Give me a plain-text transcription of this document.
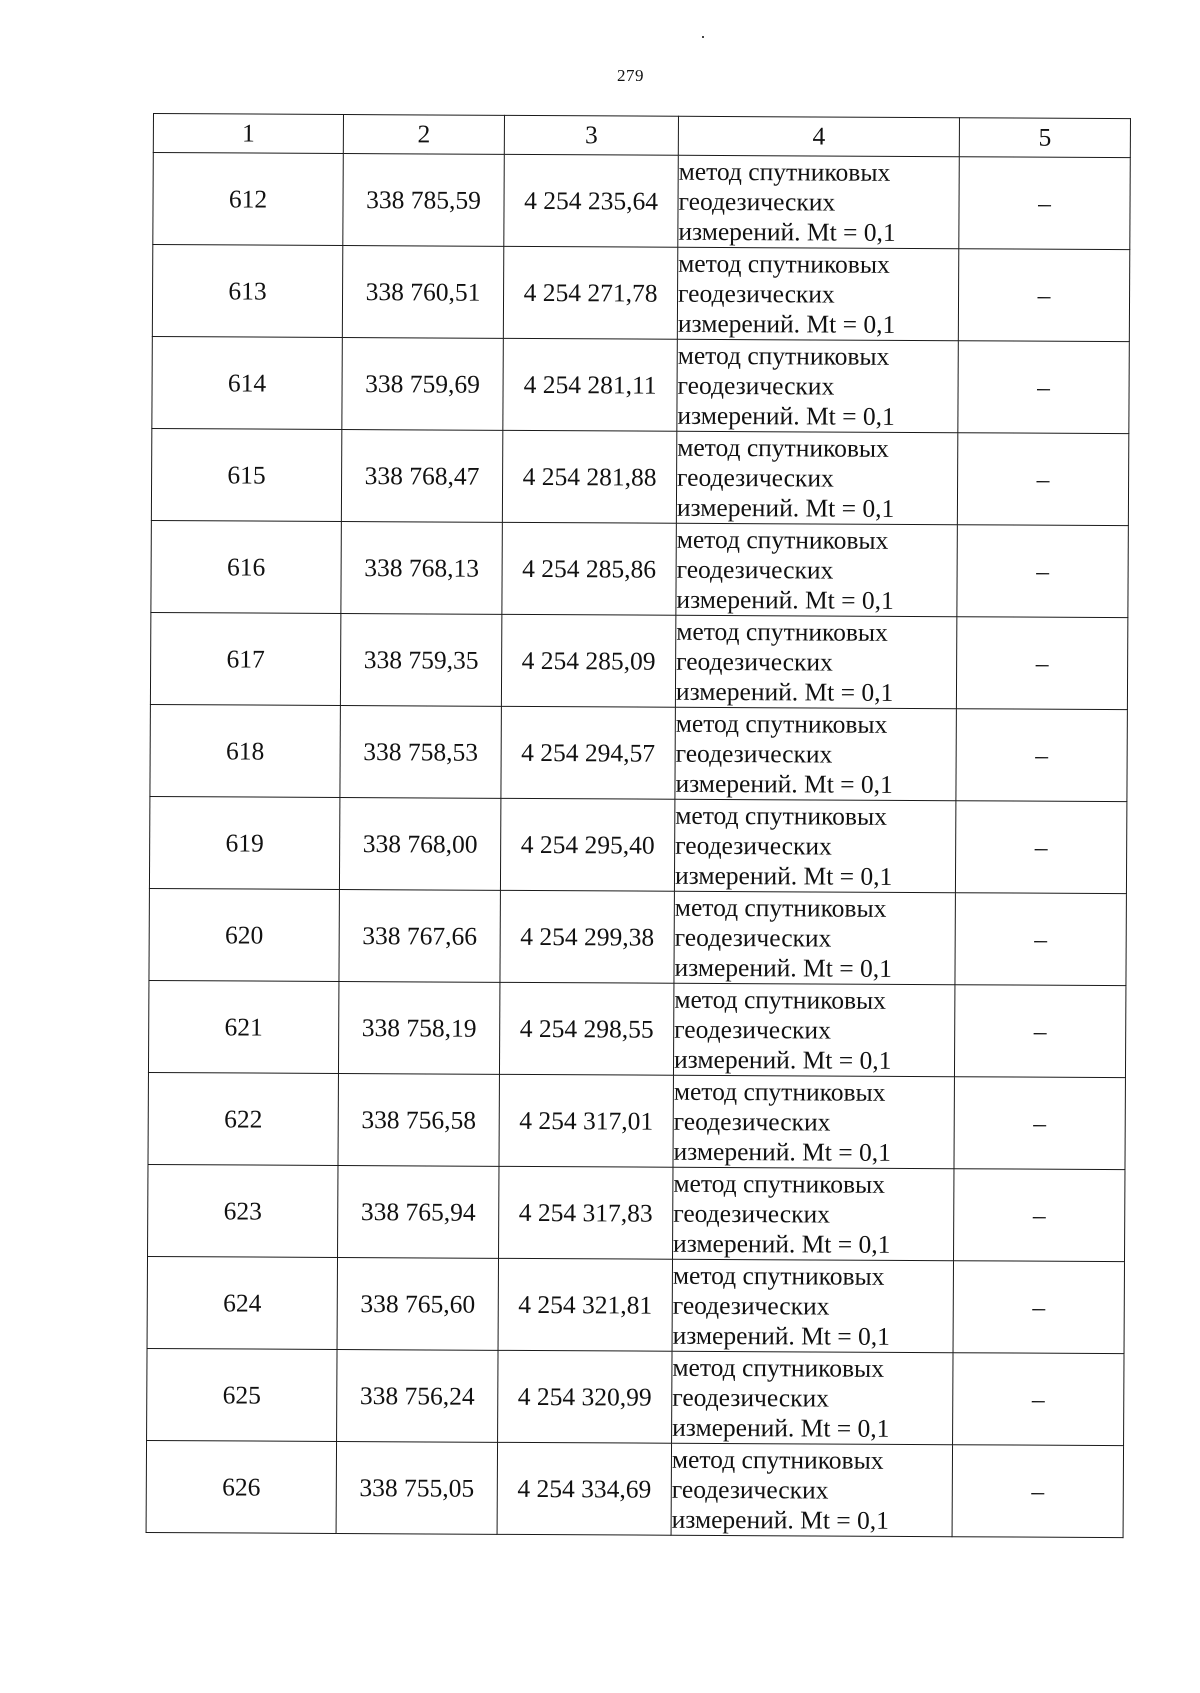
279
1	2	3	4	5
612	338 785,59	4 254 235,64	метод спутниковых
геодезических
измерений. Mt = 0,1	–
613	338 760,51	4 254 271,78	метод спутниковых
геодезических
измерений. Mt = 0,1	–
614	338 759,69	4 254 281,11	метод спутниковых
геодезических
измерений. Mt = 0,1	–
615	338 768,47	4 254 281,88	метод спутниковых
геодезических
измерений. Mt = 0,1	–
616	338 768,13	4 254 285,86	метод спутниковых
геодезических
измерений. Mt = 0,1	–
617	338 759,35	4 254 285,09	метод спутниковых
геодезических
измерений. Mt = 0,1	–
618	338 758,53	4 254 294,57	метод спутниковых
геодезических
измерений. Mt = 0,1	–
619	338 768,00	4 254 295,40	метод спутниковых
геодезических
измерений. Mt = 0,1	–
620	338 767,66	4 254 299,38	метод спутниковых
геодезических
измерений. Mt = 0,1	–
621	338 758,19	4 254 298,55	метод спутниковых
геодезических
измерений. Mt = 0,1	–
622	338 756,58	4 254 317,01	метод спутниковых
геодезических
измерений. Mt = 0,1	–
623	338 765,94	4 254 317,83	метод спутниковых
геодезических
измерений. Mt = 0,1	–
624	338 765,60	4 254 321,81	метод спутниковых
геодезических
измерений. Mt = 0,1	–
625	338 756,24	4 254 320,99	метод спутниковых
геодезических
измерений. Mt = 0,1	–
626	338 755,05	4 254 334,69	метод спутниковых
геодезических
измерений. Mt = 0,1	–
